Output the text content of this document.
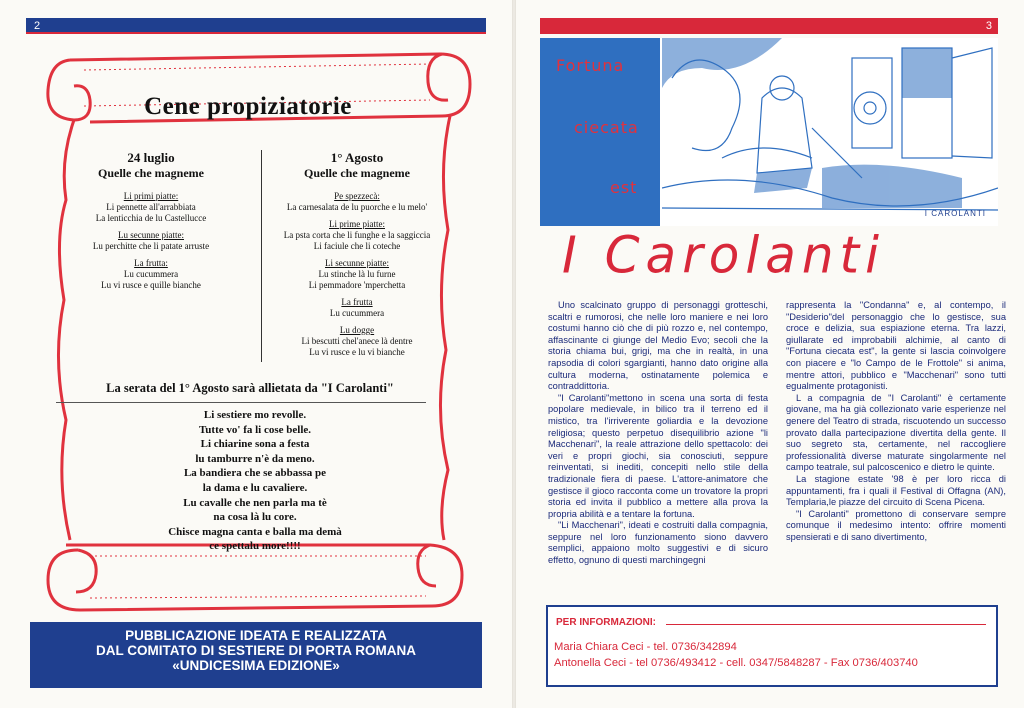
2
Cene propiziatorie
24 luglio
Quelle che magneme
Li primi piatte:
Li pennette all'arrabbiata
La lenticchia de lu Castellucce
Lu secunne piatte:
Lu perchitte che li patate arruste
La frutta:
Lu cucummera
Lu vi rusce e quille bianche
1° Agosto
Quelle che magneme
Pe spezzecà:
La carnesalata de lu puorche e lu melo'
Li prime piatte:
La psta corta che li funghe e la saggiccia
Li faciule che li coteche
Li secunne piatte:
Lu stinche là lu furne
Li pemmadore 'mperchetta
La frutta
Lu cucummera
Lu dogge
Li bescutti chel'anece là dentre
Lu vi rusce e lu vi bianche
La serata del 1° Agosto sarà allietata da "I Carolanti"
Li sestiere mo revolle.
Tutte vo' fa li cose belle.
Li chiarine sona a festa
lu tamburre n'è da meno.
La bandiera che se abbassa pe
la dama e lu cavaliere.
Lu cavalle che nen parla ma tè
na cosa là lu core.
Chisce magna canta e balla ma demà
ce spettalu more!!!!
PUBBLICAZIONE IDEATA E REALIZZATA
DAL COMITATO DI SESTIERE DI PORTA ROMANA
«UNDICESIMA EDIZIONE»
3
Fortuna
ciecata
est
I CAROLANTI
I Carolanti

Uno scalcinato gruppo di personaggi grotteschi, scaltri e rumorosi, che nelle loro maniere e nei loro costumi hanno ciò che di più rozzo e, nel contempo, affascinante ci giunge del Medio Evo; secoli che la storia chiama bui, grigi, ma che in realtà, in una rapsodia di colori sgargianti, hanno dato origine alla cultura moderna, ostinatamente polemica e contraddittoria.

"I Carolanti"mettono in scena una sorta di festa popolare medievale, in bilico tra il terreno ed il mistico, tra l'irriverente goliardia e la devozione religiosa; questo perpetuo disequilibrio azione "li Macchenari", la reale attrazione dello spettacolo: dei veri e propri giochi, sia conosciuti, seppure reinventati, si inediti, concepiti nello stile della tradizionale fiera di paese. L'attore-animatore che gestisce il gioco racconta come un trovatore la propri storia ed invita il pubblico a mettere alla prova la propria abilità e a tentare la fortuna.

"Li Macchenari", ideati e costruiti dalla compagnia, seppure nel loro funzionamento siono davvero semplici, appaiono molto suggestivi e di sicuro effetto, ognuno di questi marchingegni

rappresenta la "Condanna" e, al contempo, il "Desiderio"del personaggio che lo gestisce, sua croce e delizia, sua espiazione eterna. Tra lazzi, giullarate ed improbabili alchimie, al canto di "Fortuna ciecata est", la gente si lascia coinvolgere con piacere e "lo Campo de le Frottole" si anima, mentre attori, pubblico e "Macchenari" sono tutti egualmente protagonisti.

L a compagnia de "I Carolanti" è certamente giovane, ma ha già collezionato varie esperienze nel genere del Teatro di strada, riscuotendo un successo provato dalla partecipazione divertita della gente. Il suo segreto sta, certamente, nel raccogliere professionalità diverse maturate singolarmente nel campo teatrale, sul palcoscenico e dietro le quinte.

La stagione estate '98 è per loro ricca di appuntamenti, fra i quali il Festival di Offagna (AN), Templaria,le piazze del circuito di Scena Picena.

"I Carolanti" promettono di conservare sempre comunque il medesimo intento: offrire momenti spensierati e di sano divertimento,

PER INFORMAZIONI:
Maria Chiara Ceci - tel. 0736/342894
Antonella Ceci - tel 0736/493412 - cell. 0347/5848287 - Fax 0736/403740
